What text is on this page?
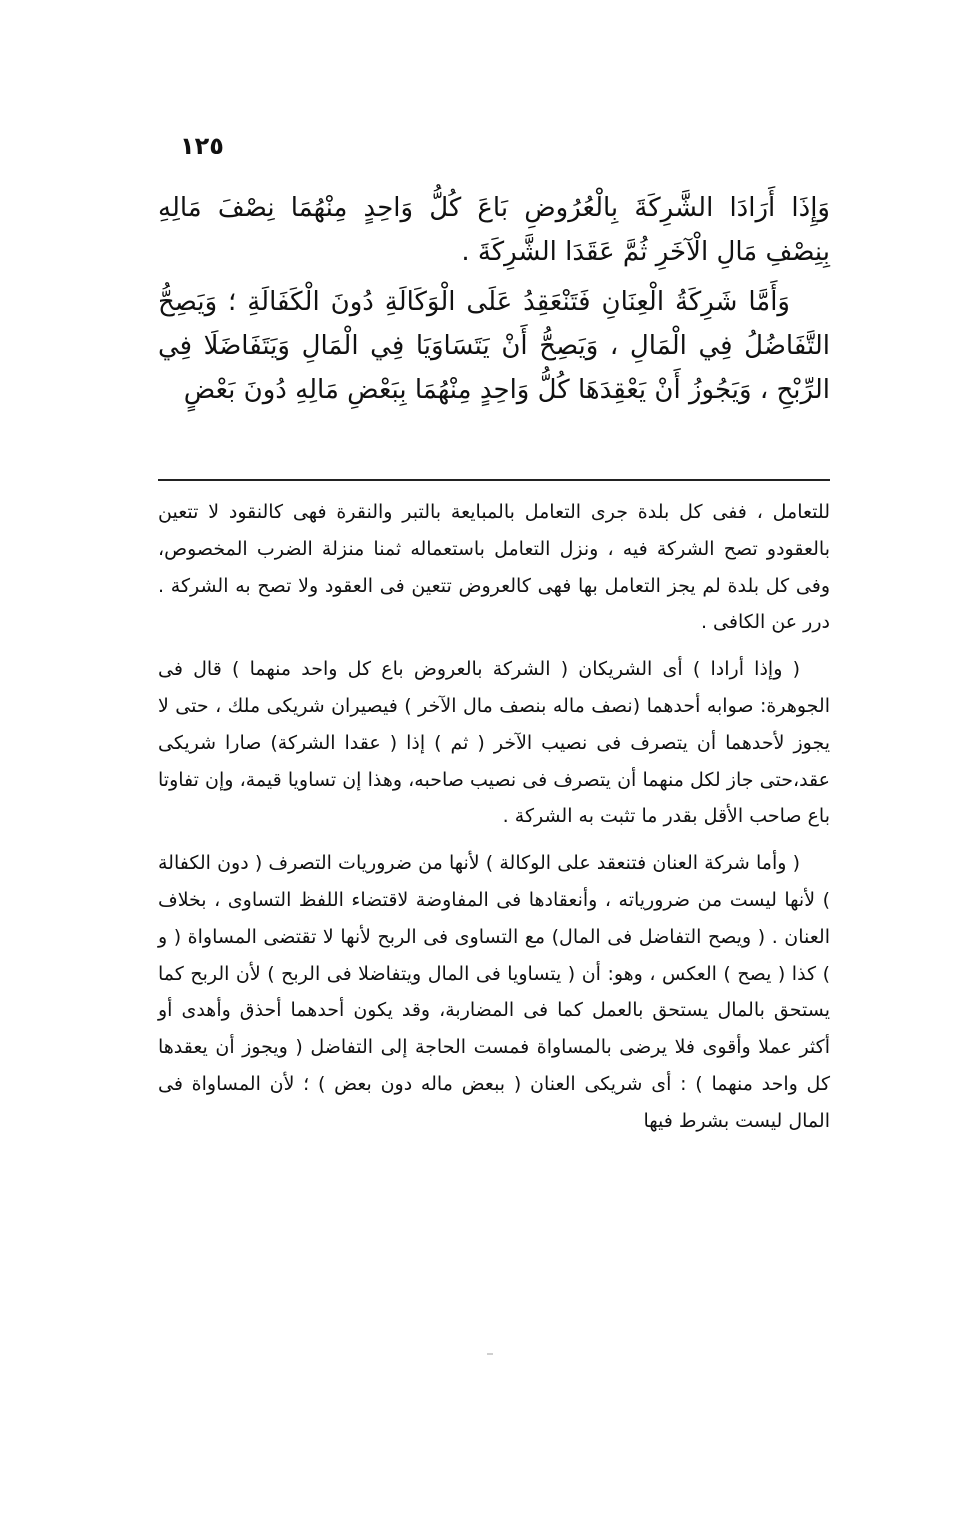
١٢٥

وَإِذَا أَرَادَا الشَّرِكَةَ بِالْعُرُوضِ بَاعَ كُلُّ وَاحِدٍ مِنْهُمَا نِصْفَ مَالِهِ بِنِصْفِ مَالِ الْآخَرِ ثُمَّ عَقَدَا الشَّرِكَةَ .

وَأَمَّا شَرِكَةُ الْعِنَانِ فَتَنْعَقِدُ عَلَى الْوَكَالَةِ دُونَ الْكَفَالَةِ ؛ وَيَصِحُّ التَّفَاضُلُ فِي الْمَالِ ، وَيَصِحُّ أَنْ يَتَسَاوَيَا فِي الْمَالِ وَيَتَفَاضَلَا فِي الرِّبْحِ ، وَيَجُوزُ أَنْ يَعْقِدَهَا كُلُّ وَاحِدٍ مِنْهُمَا بِبَعْضِ مَالِهِ دُونَ بَعْضٍ

للتعامل ، ففى كل بلدة جرى التعامل بالمبايعة بالتبر والنقرة فهى كالنقود لا تتعين بالعقودو تصح الشركة فيه ، ونزل التعامل باستعماله ثمنا منزلة الضرب المخصوص، وفى كل بلدة لم يجز التعامل بها فهى كالعروض تتعين فى العقود ولا تصح به الشركة . درر عن الكافى .

( وإذا أرادا ) أى الشريكان ( الشركة بالعروض باع كل واحد منهما ) قال فى الجوهرة: صوابه أحدهما (نصف ماله بنصف مال الآخر ) فيصيران شريكى ملك ، حتى لا يجوز لأحدهما أن يتصرف فى نصيب الآخر ( ثم ) إذا ( عقدا الشركة) صارا شريكى عقد،حتى جاز لكل منهما أن يتصرف فى نصيب صاحبه، وهذا إن تساويا قيمة، وإن تفاوتا باع صاحب الأقل بقدر ما تثبت به الشركة .

( وأما شركة العنان فتنعقد على الوكالة ) لأنها من ضروريات التصرف ( دون الكفالة ) لأنها ليست من ضرورياته ، وأنعقادها فى المفاوضة لاقتضاء اللفظ التساوى ، بخلاف العنان . ( ويصح التفاضل فى المال) مع التساوى فى الربح لأنها لا تقتضى المساواة ( و ) كذا ( يصح ) العكس ، وهو: أن ( يتساويا فى المال ويتفاضلا فى الربح ) لأن الربح كما يستحق بالمال يستحق بالعمل كما فى المضاربة، وقد يكون أحدهما أحذق وأهدى أو أكثر عملا وأقوى فلا يرضى بالمساواة فمست الحاجة إلى التفاضل ( ويجوز أن يعقدها كل واحد منهما ) : أى شريكى العنان ( ببعض ماله دون بعض ) ؛ لأن المساواة فى المال ليست بشرط فيها
